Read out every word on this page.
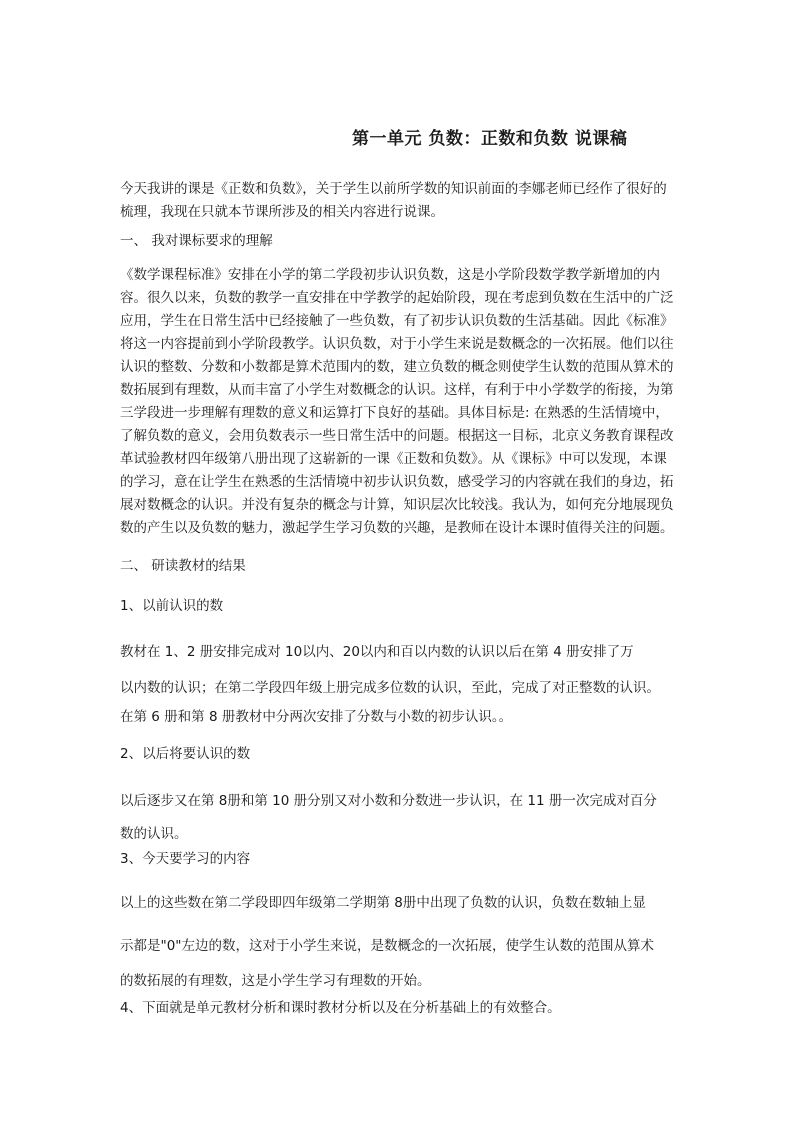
第一单元 负数：正数和负数 说课稿

今天我讲的课是《正数和负数》，关于学生以前所学数的知识前面的李娜老师已经作了很好的梳理，我现在只就本节课所涉及的相关内容进行说课。

一、 我对课标要求的理解

《数学课程标准》安排在小学的第二学段初步认识负数，这是小学阶段数学教学新增加的内容。很久以来，负数的教学一直安排在中学教学的起始阶段，现在考虑到负数在生活中的广泛应用，学生在日常生活中已经接触了一些负数，有了初步认识负数的生活基础。因此《标准》将这一内容提前到小学阶段教学。认识负数，对于小学生来说是数概念的一次拓展。他们以往认识的整数、分数和小数都是算术范围内的数，建立负数的概念则使学生认数的范围从算术的数拓展到有理数，从而丰富了小学生对数概念的认识。这样，有利于中小学数学的衔接，为第三学段进一步理解有理数的意义和运算打下良好的基础。具体目标是: 在熟悉的生活情境中，了解负数的意义，会用负数表示一些日常生活中的问题。根据这一目标，北京义务教育课程改革试验教材四年级第八册出现了这崭新的一课《正数和负数》。从《课标》中可以发现，本课的学习，意在让学生在熟悉的生活情境中初步认识负数，感受学习的内容就在我们的身边，拓展对数概念的认识。并没有复杂的概念与计算，知识层次比较浅。我认为，如何充分地展现负数的产生以及负数的魅力，激起学生学习负数的兴趣，是教师在设计本课时值得关注的问题。

二、 研读教材的结果
1、以前认识的数
教材在 1、2 册安排完成对 10以内、20以内和百以内数的认识以后在第 4 册安排了万
以内数的认识；在第二学段四年级上册完成多位数的认识，至此，完成了对正整数的认识。
在第 6 册和第 8 册教材中分两次安排了分数与小数的初步认识。。
2、以后将要认识的数
以后逐步又在第 8册和第 10 册分别又对小数和分数进一步认识，在 11 册一次完成对百分
数的认识。
3、今天要学习的内容
以上的这些数在第二学段即四年级第二学期第 8册中出现了负数的认识，负数在数轴上显
示都是"0"左边的数，这对于小学生来说，是数概念的一次拓展，使学生认数的范围从算术
的数拓展的有理数，这是小学生学习有理数的开始。
4、下面就是单元教材分析和课时教材分析以及在分析基础上的有效整合。
